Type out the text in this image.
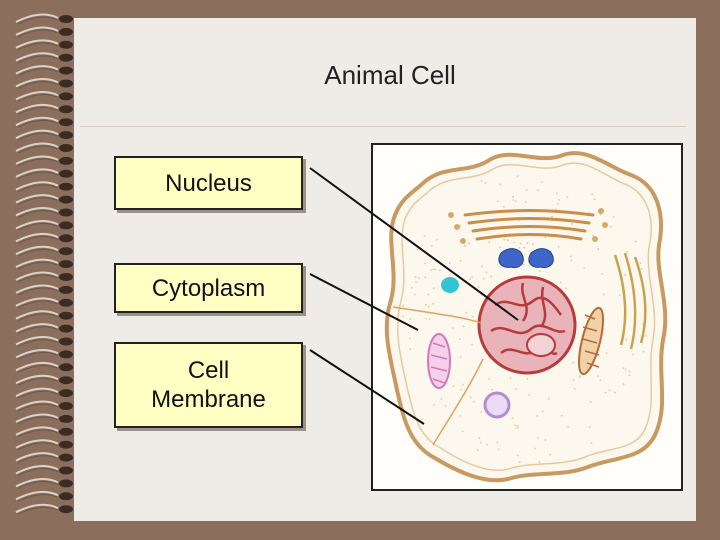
Animal Cell
Nucleus
Cytoplasm
Cell
Membrane
